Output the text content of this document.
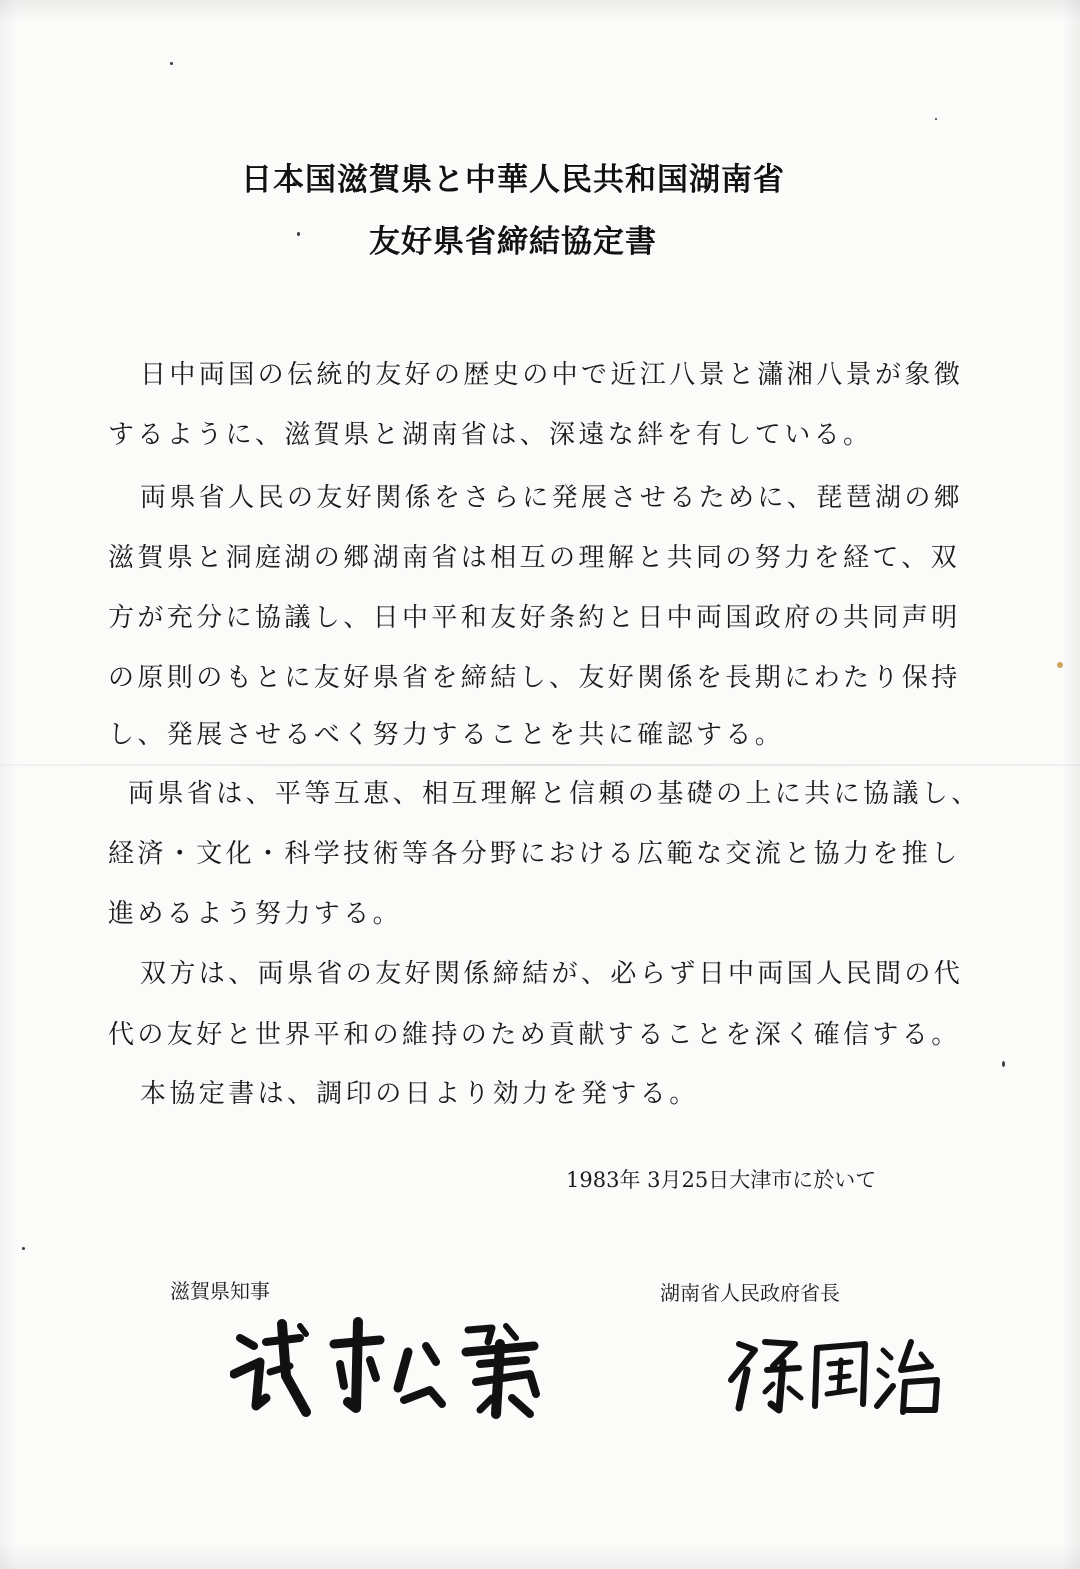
日本国滋賀県と中華人民共和国湖南省
友好県省締結協定書
日中両国の伝統的友好の歴史の中で近江八景と瀟湘八景が象徴
するように、滋賀県と湖南省は、深遠な絆を有している。
両県省人民の友好関係をさらに発展させるために、琵琶湖の郷
滋賀県と洞庭湖の郷湖南省は相互の理解と共同の努力を経て、双
方が充分に協議し、日中平和友好条約と日中両国政府の共同声明
の原則のもとに友好県省を締結し、友好関係を長期にわたり保持
し、発展させるべく努力することを共に確認する。
両県省は、平等互恵、相互理解と信頼の基礎の上に共に協議し、
経済・文化・科学技術等各分野における広範な交流と協力を推し
進めるよう努力する。
双方は、両県省の友好関係締結が、必らず日中両国人民間の代
代の友好と世界平和の維持のため貢献することを深く確信する。
本協定書は、調印の日より効力を発する。
1983年 3月25日大津市に於いて
滋賀県知事	湖南省人民政府省長
